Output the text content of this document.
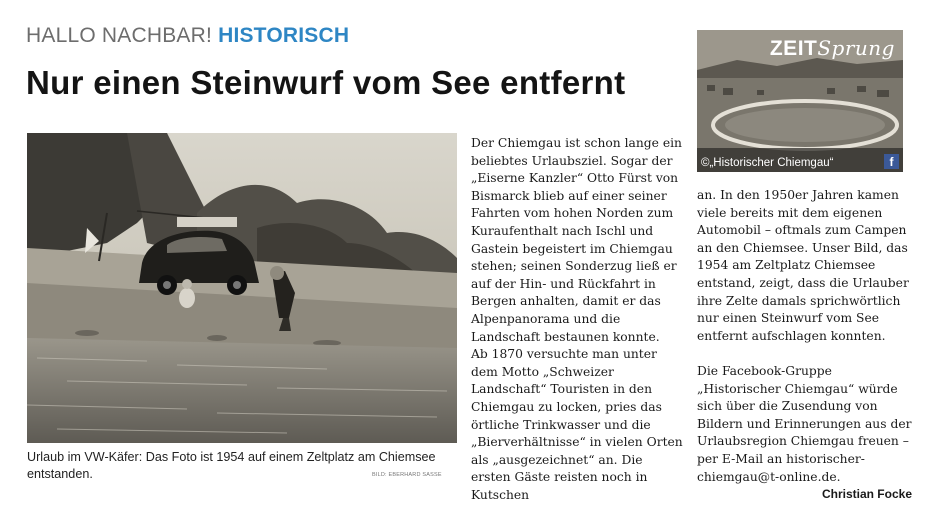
HALLO NACHBAR! HISTORISCH
Nur einen Steinwurf vom See entfernt
Urlaub im VW-Käfer: Das Foto ist 1954 auf einem Zeltplatz am Chiemsee entstanden.	BILD: EBERHARD SASSE
ZEITSprung
©„Historischer Chiemgau“	f

Der Chiemgau ist schon lange ein beliebtes Urlaubsziel. Sogar der „Eiserne Kanzler“ Otto Fürst von Bismarck blieb auf einer seiner Fahrten vom hohen Norden zum Kuraufenthalt nach Ischl und Gastein begeistert im Chiemgau stehen; seinen Sonderzug ließ er auf der Hin- und Rückfahrt in Bergen anhalten, damit er das Alpenpanorama und die Landschaft bestaunen konnte.

Ab 1870 versuchte man unter dem Motto „Schweizer Landschaft“ Touristen in den Chiemgau zu locken, pries das örtliche Trinkwasser und die „Bierverhältnisse“ in vielen Orten als „ausgezeichnet“ an. Die ersten Gäste reisten noch in Kutschen

an. In den 1950er Jahren kamen viele bereits mit dem eigenen Automobil – oftmals zum Campen an den Chiemsee. Unser Bild, das 1954 am Zeltplatz Chiemsee entstand, zeigt, dass die Urlauber ihre Zelte damals sprichwörtlich nur einen Steinwurf vom See entfernt aufschlagen konnten.

Die Facebook-Gruppe „Historischer Chiemgau“ würde sich über die Zusendung von Bildern und Erinnerungen aus der Urlaubsregion Chiemgau freuen – per E-Mail an historischer-chiemgau@t-online.de.
Christian Focke
